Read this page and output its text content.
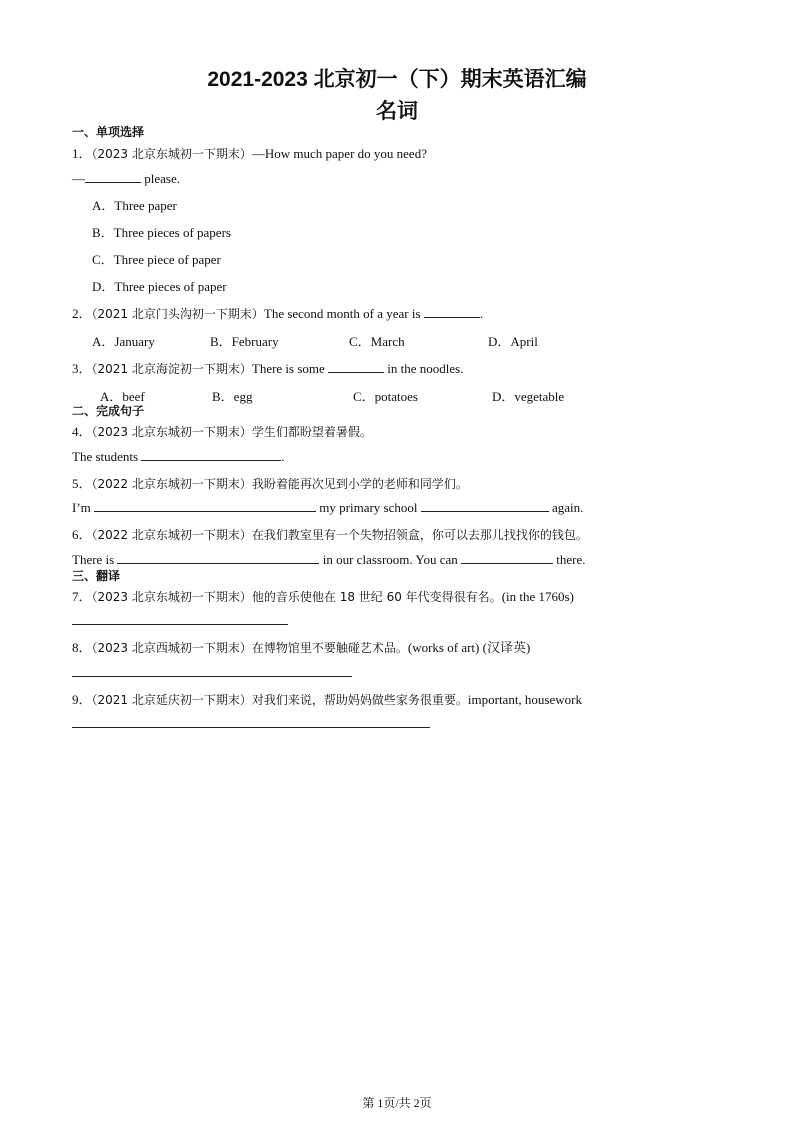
2021-2023 北京初一（下）期末英语汇编
名词
一、单项选择
1．（2023 北京东城初一下期末）—How much paper do you need?
—	please.
A．Three paper
B．Three pieces of papers
C．Three piece of paper
D．Three pieces of paper
2．（2021 北京门头沟初一下期末）The second month of a year is	.
A．January	B．February	C．March	D．April
3．（2021 北京海淀初一下期末）There is some	in the noodles.
A．beef	B．egg	C．potatoes	D．vegetable
二、完成句子
4．（2023 北京东城初一下期末）学生们都盼望着暑假。
The students	.
5．（2022 北京东城初一下期末）我盼着能再次见到小学的老师和同学们。
I’m	my primary school	again.
6．（2022 北京东城初一下期末）在我们教室里有一个失物招领盒，你可以去那儿找找你的钱包。
There is	in our classroom. You can	there.
三、翻译
7．（2023 北京东城初一下期末）他的音乐使他在 18 世纪 60 年代变得很有名。(in the 1760s)
8．（2023 北京西城初一下期末）在博物馆里不要触碰艺术品。(works of art) (汉译英)
9．（2021 北京延庆初一下期末）对我们来说，帮助妈妈做些家务很重要。important, housework
第 1页/共 2页
